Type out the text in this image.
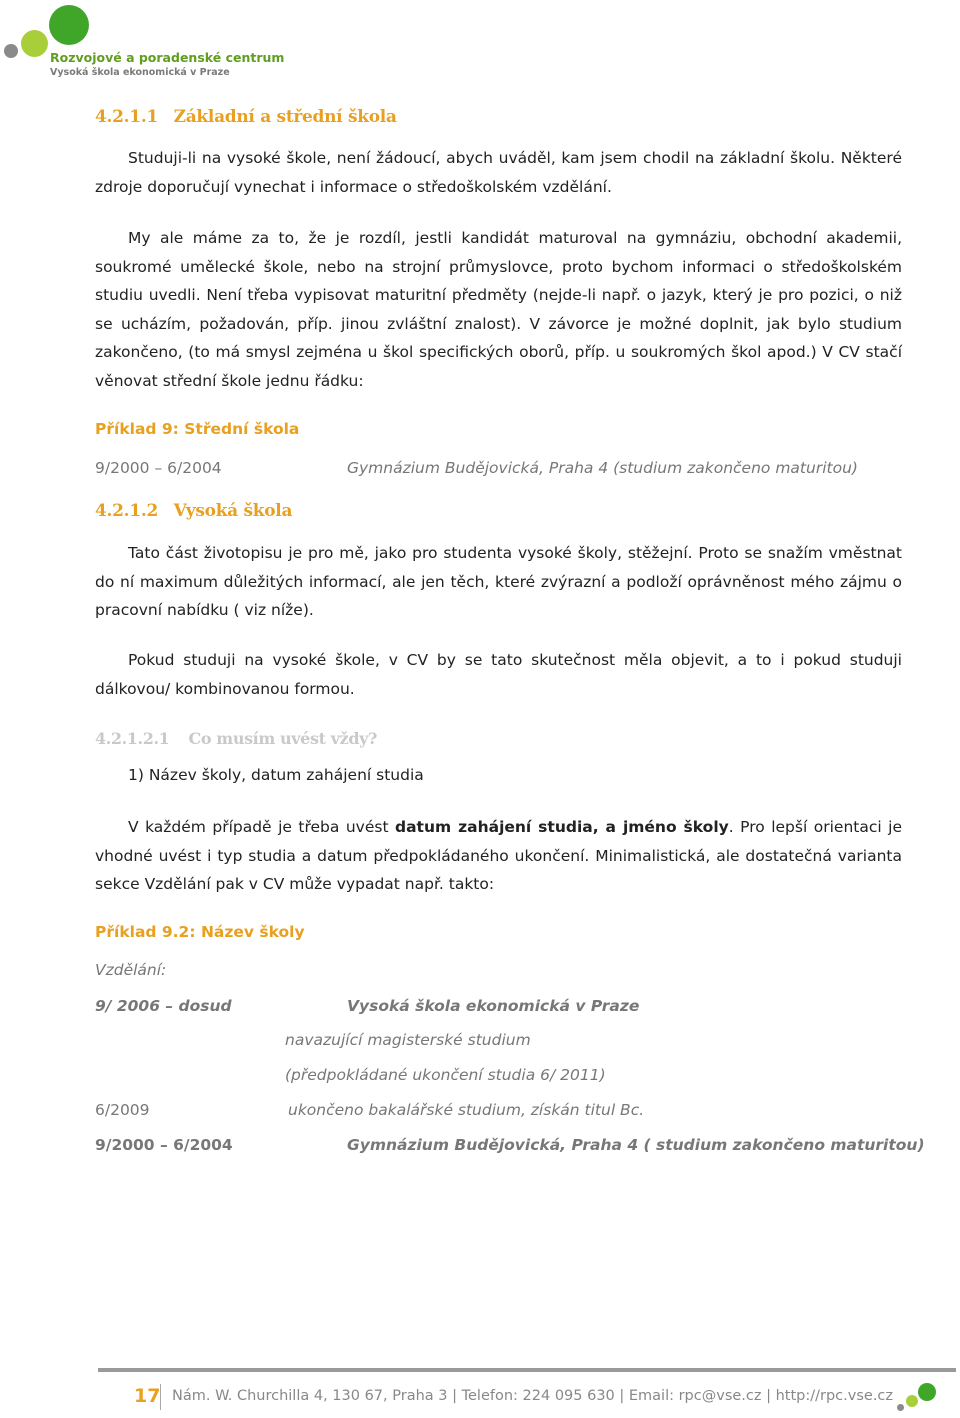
Rozvojové a poradenské centrum
Vysoká škola ekonomická v Praze
4.2.1.1 Základní a střední škola
Studuji-li na vysoké škole, není žádoucí, abych uváděl, kam jsem chodil na základní školu. Některé zdroje doporučují vynechat i informace o středoškolském vzdělání.
My ale máme za to, že je rozdíl, jestli kandidát maturoval na gymnáziu, obchodní akademii, soukromé umělecké škole, nebo na strojní průmyslovce, proto bychom informaci o středoškolském studiu uvedli. Není třeba vypisovat maturitní předměty (nejde-li např. o jazyk, který je pro pozici, o niž se ucházím, požadován, příp. jinou zvláštní znalost). V závorce je možné doplnit, jak bylo studium zakončeno, (to má smysl zejména u škol specifických oborů, příp. u soukromých škol apod.) V CV stačí věnovat střední škole jednu řádku:
Příklad 9: Střední škola
9/2000 – 6/2004	Gymnázium Budějovická, Praha 4 (studium zakončeno maturitou)
4.2.1.2 Vysoká škola
Tato část životopisu je pro mě, jako pro studenta vysoké školy, stěžejní. Proto se snažím vměstnat do ní maximum důležitých informací, ale jen těch, které zvýrazní a podloží oprávněnost mého zájmu o pracovní nabídku ( viz níže).
Pokud studuji na vysoké škole, v CV by se tato skutečnost měla objevit, a to i pokud studuji dálkovou/ kombinovanou formou.
4.2.1.2.1 Co musím uvést vždy?
1) Název školy, datum zahájení studia
V každém případě je třeba uvést datum zahájení studia, a jméno školy. Pro lepší orientaci je vhodné uvést i typ studia a datum předpokládaného ukončení. Minimalistická, ale dostatečná varianta sekce Vzdělání pak v CV může vypadat např. takto:
Příklad 9.2: Název školy
Vzdělání:
9/ 2006 – dosud	Vysoká škola ekonomická v Praze
navazující magisterské studium
(předpokládané ukončení studia 6/ 2011)
6/2009	ukončeno bakalářské studium, získán titul Bc.
9/2000 – 6/2004	Gymnázium Budějovická, Praha 4 ( studium zakončeno maturitou)
17 Nám. W. Churchilla 4, 130 67, Praha 3 | Telefon: 224 095 630 | Email: rpc@vse.cz | http://rpc.vse.cz
